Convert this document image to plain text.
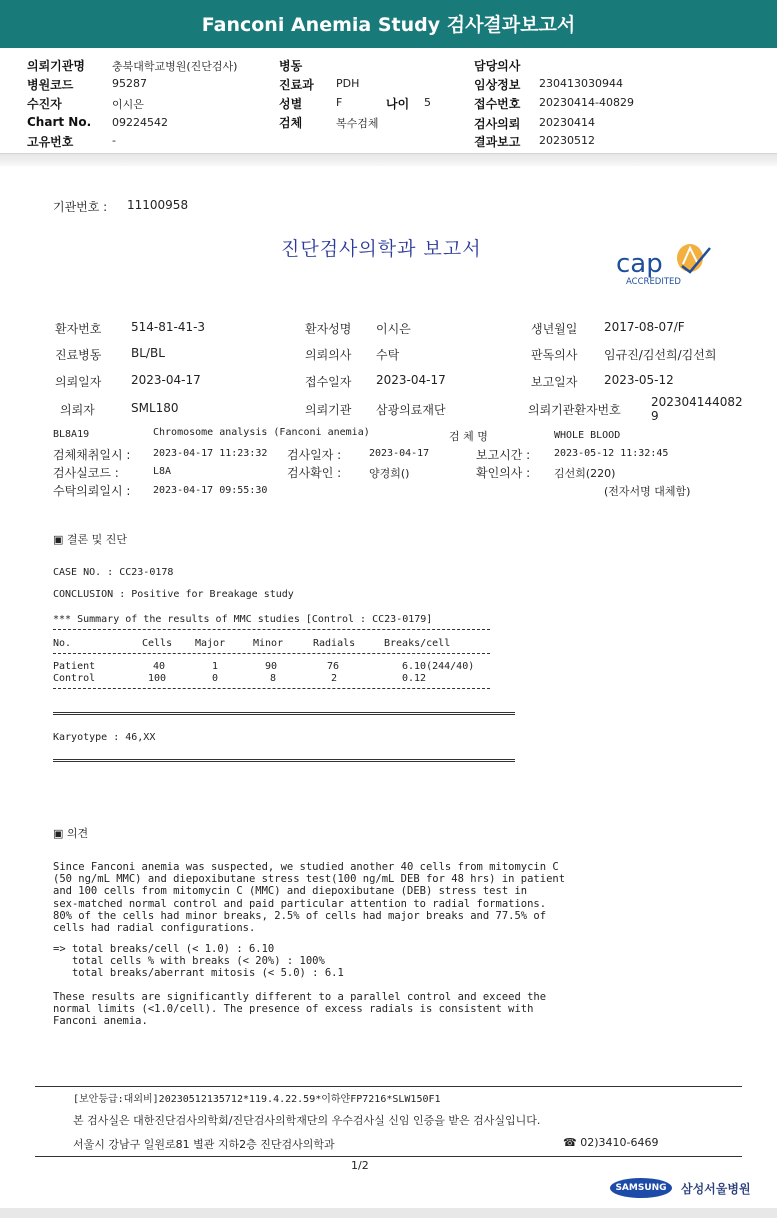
Fanconi Anemia Study 검사결과보고서
의뢰기관명 충북대학교병원(진단검사)	병동	담당의사
병원코드	95287	진료과 PDH	임상정보 230413030944
수진자	이시은	성별	F	나이 5	접수번호 20230414-40829
Chart No. 09224542	검체	복수검체	검사의뢰 20230414
고유번호	-	결과보고 20230512
기관번호 : 11100958
진단검사의학과 보고서	cap
ACCREDITED
환자번호 514-81-41-3	환자성명 이시은	생년월일 2017-08-07/F
진료병동 BL/BL	의뢰의사 수탁	판독의사 임규진/김선희/김선희
의뢰일자 2023-04-17	접수일자 2023-04-17	보고일자 2023-05-12
의뢰자	SML180	의뢰기관 삼광의료재단	의뢰기관환자번호
202304144082 9
BL8A19	Chromosome analysis (Fanconi anemia)	검 체 명	WHOLE BLOOD
검체채취일시 : 2023-04-17 11:23:32 검사일자 :	2023-04-17	보고시간 : 2023-05-12 11:32:45
검사실코드 :	L8A	검사확인 :	양경희()	확인의사 : 김선희(220)
수탁의뢰일시 : 2023-04-17 09:55:30	(전자서명 대체함)
▣ 결론 및 진단
CASE NO. : CC23-0178
CONCLUSION : Positive for Breakage study
*** Summary of the results of MMC studies [Control : CC23-0179]
No.	Cells Major	Minor	Radials	Breaks/cell
Patient	40	1	90	76	6.10(244/40)
Control	100	0	8	2	0.12
Karyotype : 46,XX
▣ 의견
Since Fanconi anemia was suspected, we studied another 40 cells from mitomycin C
(50 ng/mL MMC) and diepoxibutane stress test(100 ng/mL DEB for 48 hrs) in patient
and 100 cells from mitomycin C (MMC) and diepoxibutane (DEB) stress test in
sex-matched normal control and paid particular attention to radial formations.
80% of the cells had minor breaks, 2.5% of cells had major breaks and 77.5% of
cells had radial configurations.
=> total breaks/cell (< 1.0) : 6.10
total cells % with breaks (< 20%) : 100%
total breaks/aberrant mitosis (< 5.0) : 6.1
These results are significantly different to a parallel control and exceed the
normal limits (<1.0/cell). The presence of excess radials is consistent with
Fanconi anemia.
[보안등급:대외비]20230512135712*119.4.22.59*이하얀FP7216*SLW150F1
본 검사실은 대한진단검사의학회/진단검사의학재단의 우수검사실 신임 인증을 받은 검사실입니다.
서울시 강남구 일원로81 별관 지하2층 진단검사의학과	☎ 02)3410-6469
1/2
SAMSUNG	삼성서울병원
